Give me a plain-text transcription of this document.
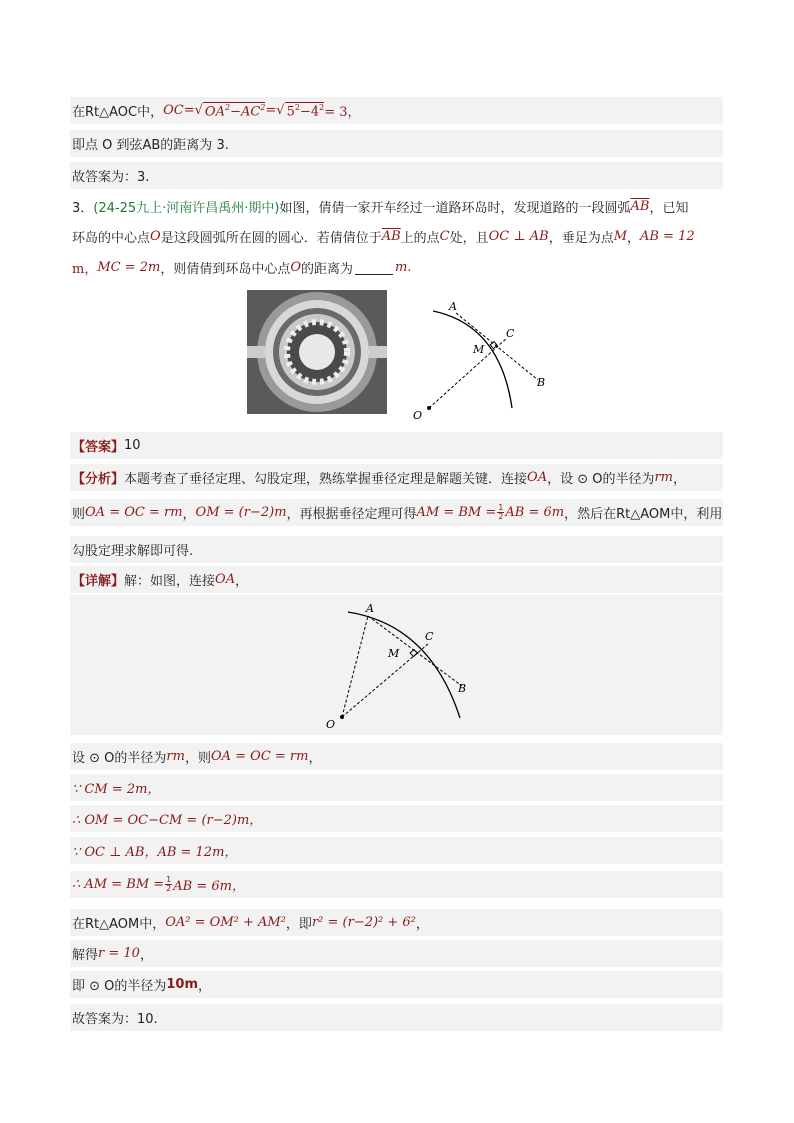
在Rt△AOC中， OC = √ $OA^2-AC^2$ = √ $5^2-4^2 = 3$，
即点 O 到弦AB的距离为 3.
故答案为：3.
3． (24-25九上·河南许昌禹州·期中) 如图，倩倩一家开车经过一道路环岛时，发现道路的一段圆弧 $\overline{AB}$ ，已知
环岛的中心点 O 是这段圆弧所在圆的圆心．若倩倩位于 $\overline{AB}$ 上的点 C 处，且 OC ⊥ AB ，垂足为点 M ， AB = 12
m， MC = 2m ，则倩倩到环岛中心点 O 的距离为	m.
A
C
M
B
O
【答案】 10
【分析】 本题考查了垂径定理、勾股定理，熟练掌握垂径定理是解题关键．连接 OA ，设 ⊙ O的半径为 rm ，
则 OA = OC = rm ， OM = (r−2)m ，再根据垂径定理可得 AM = BM = $\frac{1}{2}$ AB = 6m ，然后在Rt△AOM中，利用
勾股定理求解即可得.
【详解】 解：如图，连接 OA ，
A
C
M
B
O
设 ⊙ O的半径为 rm ，则 OA = OC = rm ，
∵ CM = 2m，
∴ OM = OC−CM = (r−2)m，
∵ OC ⊥ AB，AB = 12m，
∴ AM = BM = $\frac{1}{2}$ AB = 6m，
在Rt△AOM中， OA² = OM² + AM² ，即 r² = (r−2)² + 6² ，
解得 r = 10 ，
即 ⊙ O的半径为 10m ，
故答案为：10.
